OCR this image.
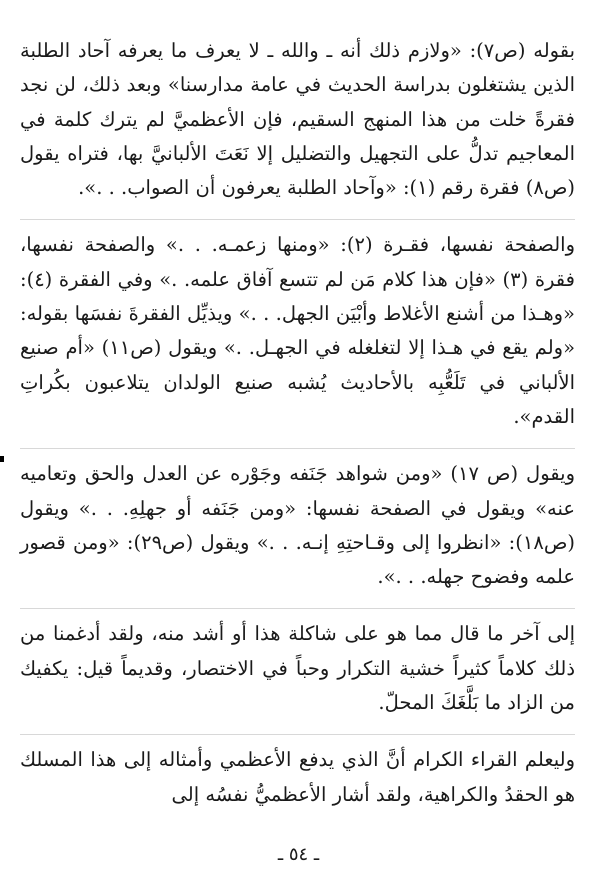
بقوله (ص٧): «ولازم ذلك أنه ـ والله ـ لا يعرف ما يعرفه آحاد الطلبة الذين يشتغلون بدراسة الحديث في عامة مدارسنا» وبعد ذلك، لن نجد فقرةً خلت من هذا المنهج السقيم، فإن الأعظميَّ لم يترك كلمة في المعاجيم تدلُّ على التجهيل والتضليل إلا نَعَتَ الألبانيَّ بها، فتراه يقول (ص٨) فقرة رقم (١): «وآحاد الطلبة يعرفون أن الصواب. . .».

والصفحة نفسها، فقـرة (٢): «ومنها زعمـه. . .» والصفحة نفسها، فقرة (٣) «فإن هذا كلام مَن لم تتسع آفاق علمه. .» وفي الفقرة (٤): «وهـذا من أشنع الأغلاط وأبْيَن الجهل. . .» ويذيِّل الفقرةَ نفسَها بقوله: «ولم يقع في هـذا إلا لتغلغله في الجهـل. .» ويقول (ص١١) «أم صنيع الألباني في تَلَعُّبِه بالأحاديث يُشبه صنيع الولدان يتلاعبون بكُراتِ القدم».

ويقول (ص ١٧) «ومن شواهد جَنَفه وجَوْره عن العدل والحق وتعاميه عنه» ويقول في الصفحة نفسها: «ومن جَنَفه أو جهلِهِ. . .» ويقول (ص١٨): «انظروا إلى وقـاحتِهِ إنـه. . .» ويقول (ص٢٩): «ومن قصور علمه وفضوح جهله. . .».

إلى آخر ما قال مما هو على شاكلة هذا أو أشد منه، ولقد أدغمنا من ذلك كلاماً كثيراً خشية التكرار وحباً في الاختصار، وقديماً قيل: يكفيك من الزاد ما بَلَّغَكَ المحلّ.

وليعلم القراء الكرام أنَّ الذي يدفع الأعظمي وأمثاله إلى هذا المسلك هو الحقدُ والكراهية، ولقد أشار الأعظميُّ نفسُه إلى

ـ ٥٤ ـ
